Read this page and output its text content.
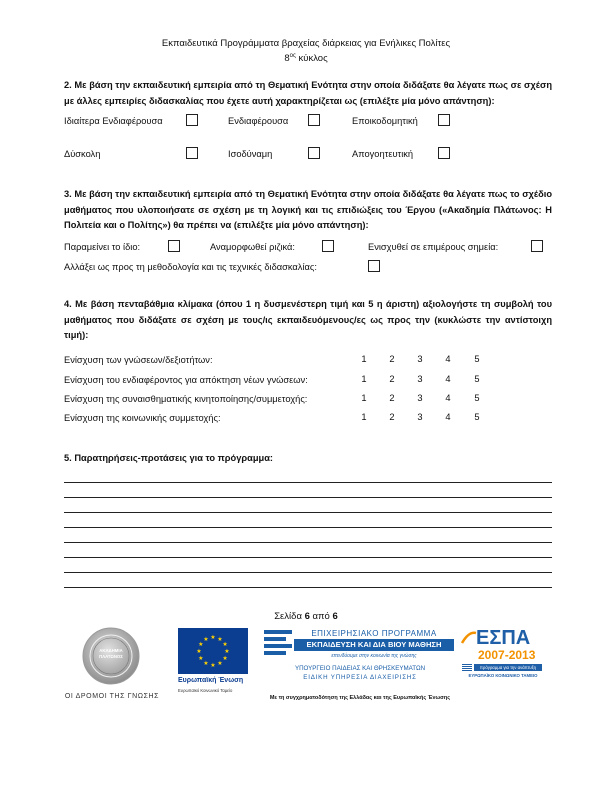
Εκπαιδευτικά Προγράμματα βραχείας διάρκειας για Ενήλικες Πολίτες
$8^{o\varsigma}$ κύκλος
2. Με βάση την εκπαιδευτική εμπειρία από τη Θεματική Ενότητα στην οποία διδάξατε θα λέγατε πως σε σχέση με άλλες εμπειρίες διδασκαλίας που έχετε αυτή χαρακτηρίζεται ως (επιλέξτε μία μόνο απάντηση):
Ιδιαίτερα Ενδιαφέρουσα	Ενδιαφέρουσα	Εποικοδομητική
Δύσκολη	Ισοδύναμη	Απογοητευτική
3. Με βάση την εκπαιδευτική εμπειρία από τη Θεματική Ενότητα στην οποία διδάξατε θα λέγατε πως το σχέδιο μαθήματος που υλοποιήσατε σε σχέση με τη λογική και τις επιδιώξεις του Έργου («Ακαδημία Πλάτωνος: Η Πολιτεία και ο Πολίτης») θα πρέπει να (επιλέξτε μία μόνο απάντηση):
Παραμείνει το ίδιο:	Αναμορφωθεί ριζικά:	Ενισχυθεί σε επιμέρους σημεία:
Αλλάξει ως προς τη μεθοδολογία και τις τεχνικές διδασκαλίας:
4. Με βάση πενταβάθμια κλίμακα (όπου 1 η δυσμενέστερη τιμή και 5 η άριστη) αξιολογήστε τη συμβολή του μαθήματος που διδάξατε σε σχέση με τους/ις εκπαιδευόμενους/ες ως προς την (κυκλώστε την αντίστοιχη τιμή):
Ενίσχυση των γνώσεων/δεξιοτήτων:	1 2 3 4	5
Ενίσχυση του ενδιαφέροντος για απόκτηση νέων γνώσεων:	1 2 3 4	5
Ενίσχυση της συναισθηματικής κινητοποίησης/συμμετοχής:	1 2 3 4	5
Ενίσχυση της κοινωνικής συμμετοχής:	1 2 3 4	5
5. Παρατηρήσεις-προτάσεις για το πρόγραμμα:
Σελίδα 6 από 6
ΑΚΑΔΗΜΙΑ ΠΛΑΤΩΝΟΣ
ΟΙ ΔΡΟΜΟΙ ΤΗΣ ΓΝΩΣΗΣ
★ ★
★
★
★
★
★
★
★
★
★
★
Ευρωπαϊκή Ένωση
Ευρωπαϊκό Κοινωνικό Ταμείο
ΕΠΙΧΕΙΡΗΣΙΑΚΟ ΠΡΟΓΡΑΜΜΑ
ΕΚΠΑΙΔΕΥΣΗ ΚΑΙ ΔΙΑ ΒΙΟΥ ΜΑΘΗΣΗ
επενδύουμε στην κοινωνία της γνώσης
ΥΠΟΥΡΓΕΙΟ ΠΑΙΔΕΙΑΣ ΚΑΙ ΘΡΗΣΚΕΥΜΑΤΩΝ
ΕΙΔΙΚΗ ΥΠΗΡΕΣΙΑ ΔΙΑΧΕΙΡΙΣΗΣ
ΕΣΠΑ
2007-2013
πρόγραμμα για την ανάπτυξη
ΕΥΡΩΠΑΪΚΟ ΚΟΙΝΩΝΙΚΟ ΤΑΜΕΙΟ
Με τη συγχρηματοδότηση της Ελλάδας και της Ευρωπαϊκής Ένωσης
